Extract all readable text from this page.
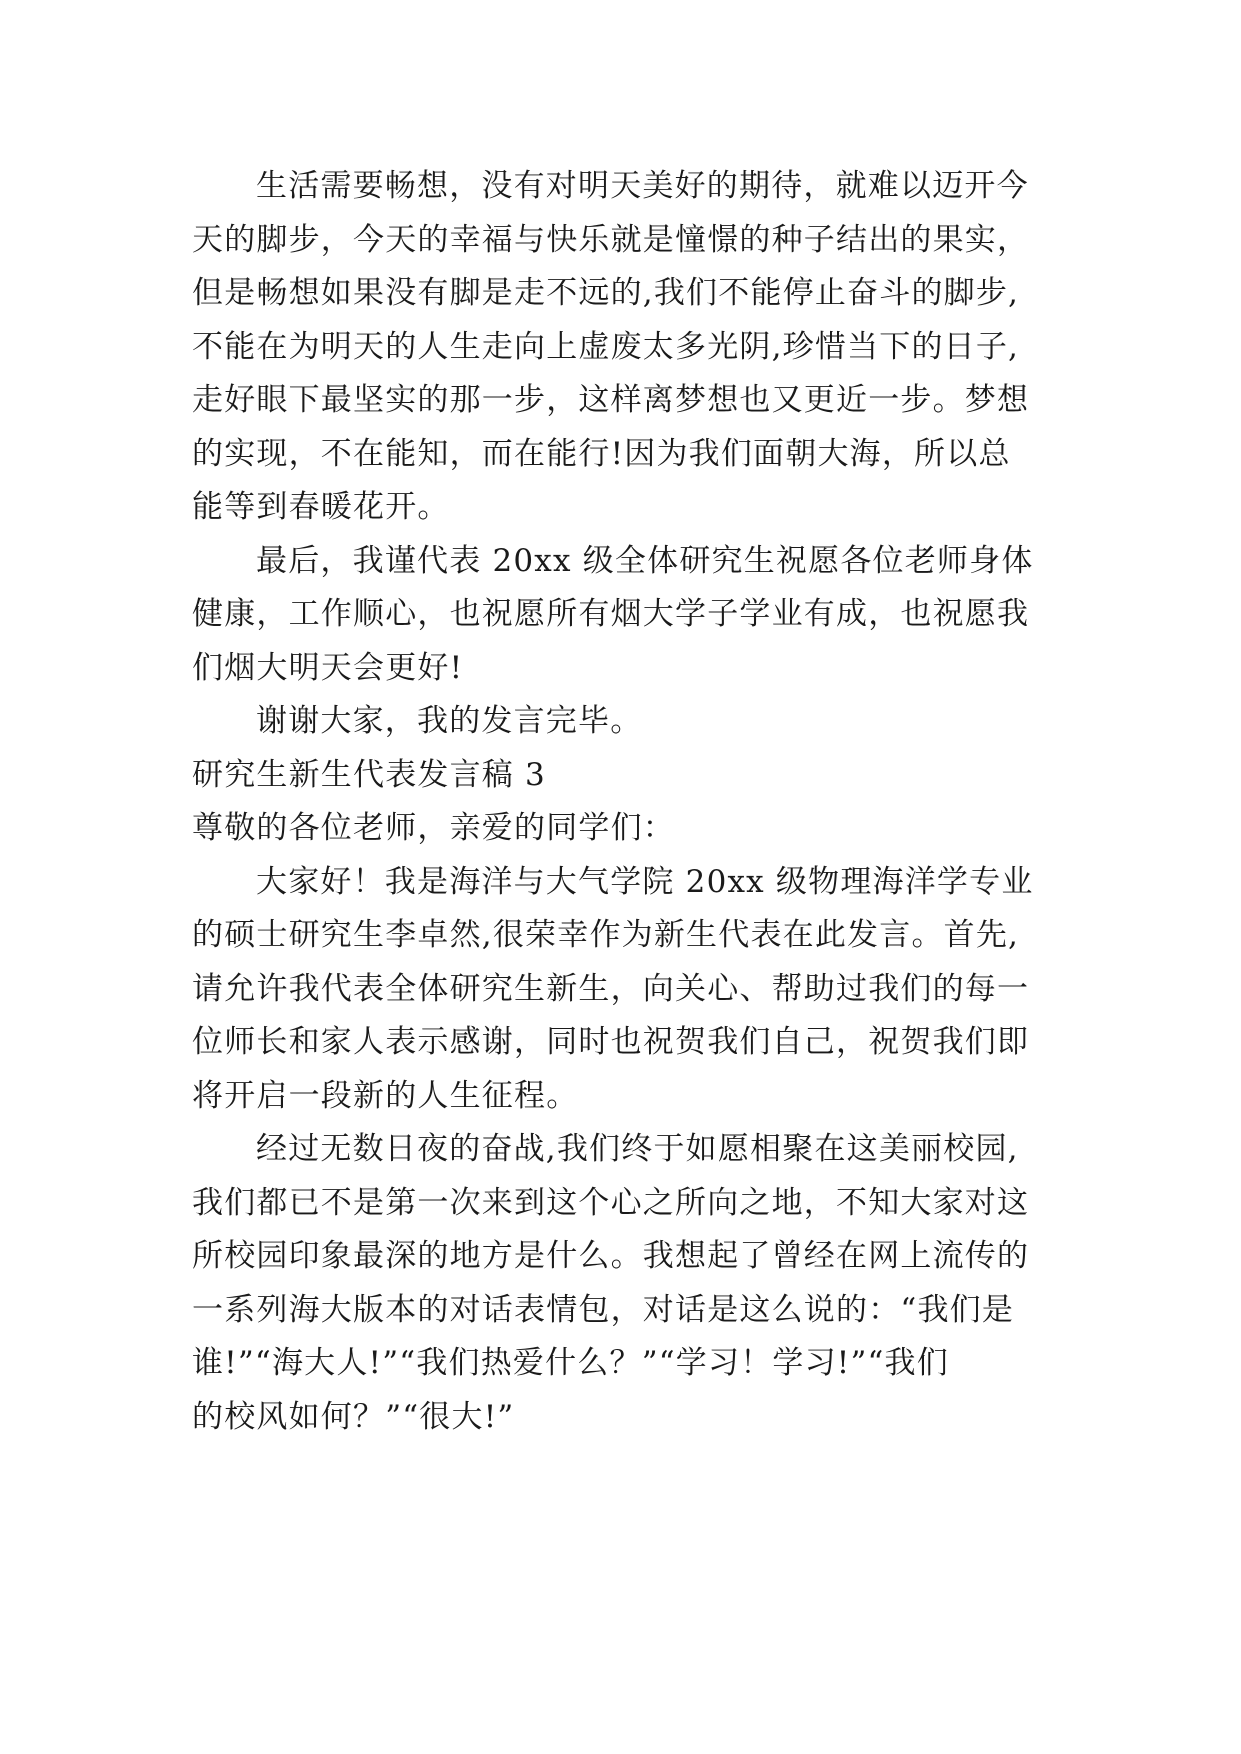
生活需要畅想，没有对明天美好的期待，就难以迈开今
天的脚步，今天的幸福与快乐就是憧憬的种子结出的果实，
但是畅想如果没有脚是走不远的,我们不能停止奋斗的脚步,
不能在为明天的人生走向上虚废太多光阴,珍惜当下的日子,
走好眼下最坚实的那一步，这样离梦想也又更近一步。梦想
的实现，不在能知，而在能行!因为我们面朝大海，所以总
能等到春暖花开。

最后，我谨代表 20xx 级全体研究生祝愿各位老师身体
健康，工作顺心，也祝愿所有烟大学子学业有成，也祝愿我
们烟大明天会更好!

谢谢大家，我的发言完毕。

研究生新生代表发言稿 3

尊敬的各位老师，亲爱的同学们：

大家好！我是海洋与大气学院 20xx 级物理海洋学专业
的硕士研究生李卓然,很荣幸作为新生代表在此发言。首先,
请允许我代表全体研究生新生，向关心、帮助过我们的每一
位师长和家人表示感谢，同时也祝贺我们自己，祝贺我们即
将开启一段新的人生征程。

经过无数日夜的奋战,我们终于如愿相聚在这美丽校园,
我们都已不是第一次来到这个心之所向之地，不知大家对这
所校园印象最深的地方是什么。我想起了曾经在网上流传的
一系列海大版本的对话表情包，对话是这么说的：“我们是
谁!”“海大人!”“我们热爱什么？”“学习！学习!”“我们
的校风如何？”“很大!”
